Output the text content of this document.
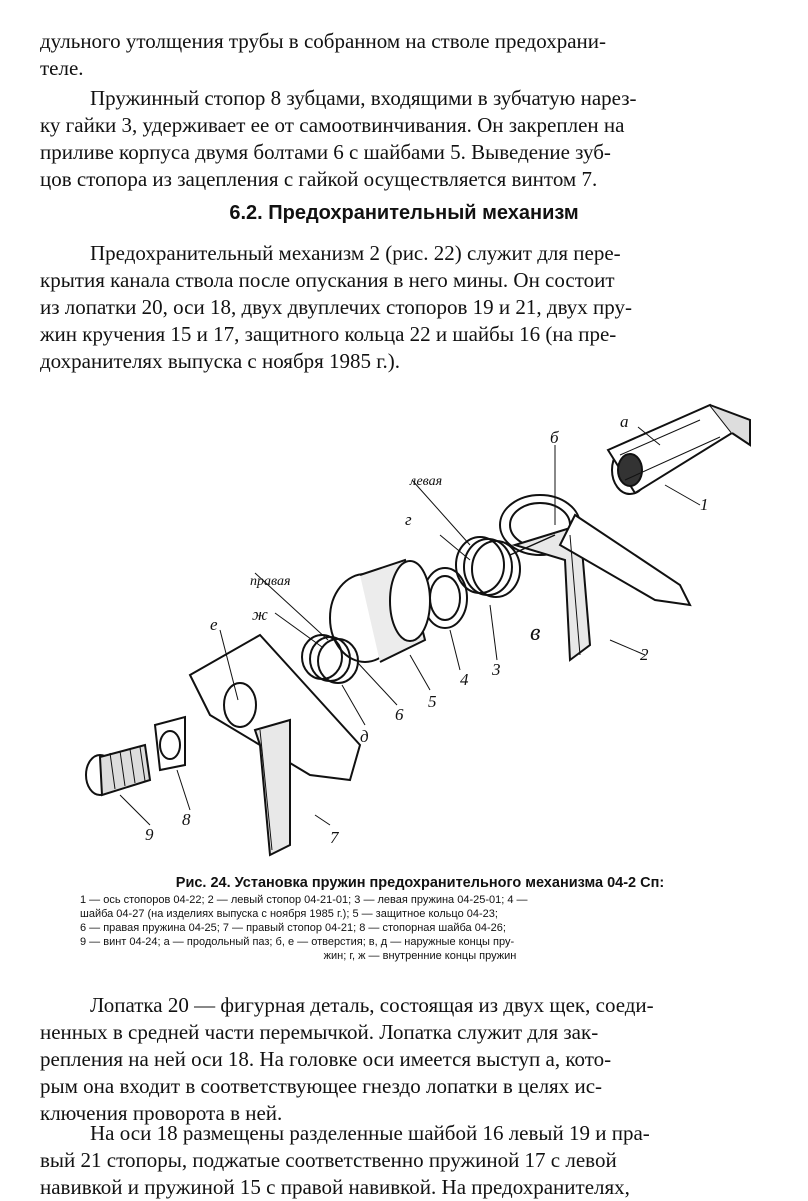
дульного утолщения трубы в собранном на стволе предохрани-
теле.
Пружинный стопор 8 зубцами, входящими в зубчатую нарез-
ку гайки 3, удерживает ее от самоотвинчивания. Он закреплен на
приливе корпуса двумя болтами 6 с шайбами 5. Выведение зуб-
цов стопора из зацепления с гайкой осуществляется винтом 7.
6.2. Предохранительный механизм
Предохранительный механизм 2 (рис. 22) служит для пере-
крытия канала ствола после опускания в него мины. Он состоит
из лопатки 20, оси 18, двух двуплечих стопоров 19 и 21, двух пру-
жин кручения 15 и 17, защитного кольца 22 и шайбы 16 (на пре-
дохранителях выпуска с ноября 1985 г.).
а
б
1
2
в
левая
г
3
4
5
6
д
правая
ж
е
7
8
9
Рис. 24. Установка пружин предохранительного механизма 04-2 Сп:
1 — ось стопоров 04-22; 2 — левый стопор 04-21-01; 3 — левая пружина 04-25-01; 4 —
шайба 04-27 (на изделиях выпуска с ноября 1985 г.); 5 — защитное кольцо 04-23;
6 — правая пружина 04-25; 7 — правый стопор 04-21; 8 — стопорная шайба 04-26;
9 — винт 04-24; а — продольный паз; б, е — отверстия; в, д — наружные концы пру-
жин; г, ж — внутренние концы пружин
Лопатка 20 — фигурная деталь, состоящая из двух щек, соеди-
ненных в средней части перемычкой. Лопатка служит для зак-
репления на ней оси 18. На головке оси имеется выступ а, кото-
рым она входит в соответствующее гнездо лопатки в целях ис-
ключения проворота в ней.
На оси 18 размещены разделенные шайбой 16 левый 19 и пра-
вый 21 стопоры, поджатые соответственно пружиной 17 с левой
навивкой и пружиной 15 с правой навивкой. На предохранителях,
